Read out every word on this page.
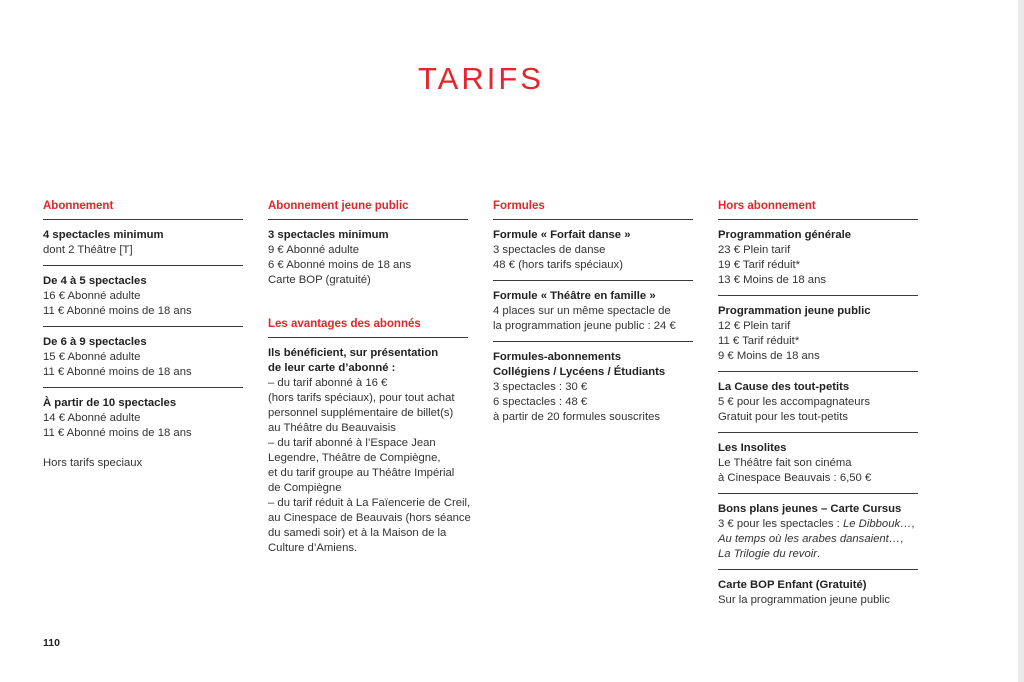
TARIFS
Abonnement
4 spectacles minimum
dont 2 Théâtre [T]
De 4 à 5 spectacles
16 € Abonné adulte
11 € Abonné moins de 18 ans
De 6 à 9 spectacles
15 € Abonné adulte
11 € Abonné moins de 18 ans
À partir de 10 spectacles
14 € Abonné adulte
11 € Abonné moins de 18 ans
Hors tarifs speciaux
Abonnement jeune public
3 spectacles minimum
9 € Abonné adulte
6 € Abonné moins de 18 ans
Carte BOP (gratuité)
Les avantages des abonnés
Ils bénéficient, sur présentation
de leur carte d’abonné :
– du tarif abonné à 16 €
(hors tarifs spéciaux), pour tout achat
personnel supplémentaire de billet(s)
au Théâtre du Beauvaisis
– du tarif abonné à l’Espace Jean
Legendre, Théâtre de Compiègne,
et du tarif groupe au Théâtre Impérial
de Compiègne
– du tarif réduit à La Faïencerie de Creil,
au Cinespace de Beauvais (hors séance
du samedi soir) et à la Maison de la
Culture d’Amiens.
Formules
Formule « Forfait danse »
3 spectacles de danse
48 € (hors tarifs spéciaux)
Formule « Théâtre en famille »
4 places sur un même spectacle de
la programmation jeune public : 24 €
Formules-abonnements
Collégiens / Lycéens / Étudiants
3 spectacles : 30 €
6 spectacles : 48 €
à partir de 20 formules souscrites
Hors abonnement
Programmation générale
23 € Plein tarif
19 € Tarif réduit*
13 € Moins de 18 ans
Programmation jeune public
12 € Plein tarif
11 € Tarif réduit*
9 € Moins de 18 ans
La Cause des tout-petits
5 € pour les accompagnateurs
Gratuit pour les tout-petits
Les Insolites
Le Théâtre fait son cinéma
à Cinespace Beauvais : 6,50 €
Bons plans jeunes – Carte Cursus
3 € pour les spectacles : Le Dibbouk…,
Au temps où les arabes dansaient…,
La Trilogie du revoir.
Carte BOP Enfant (Gratuité)
Sur la programmation jeune public
110
